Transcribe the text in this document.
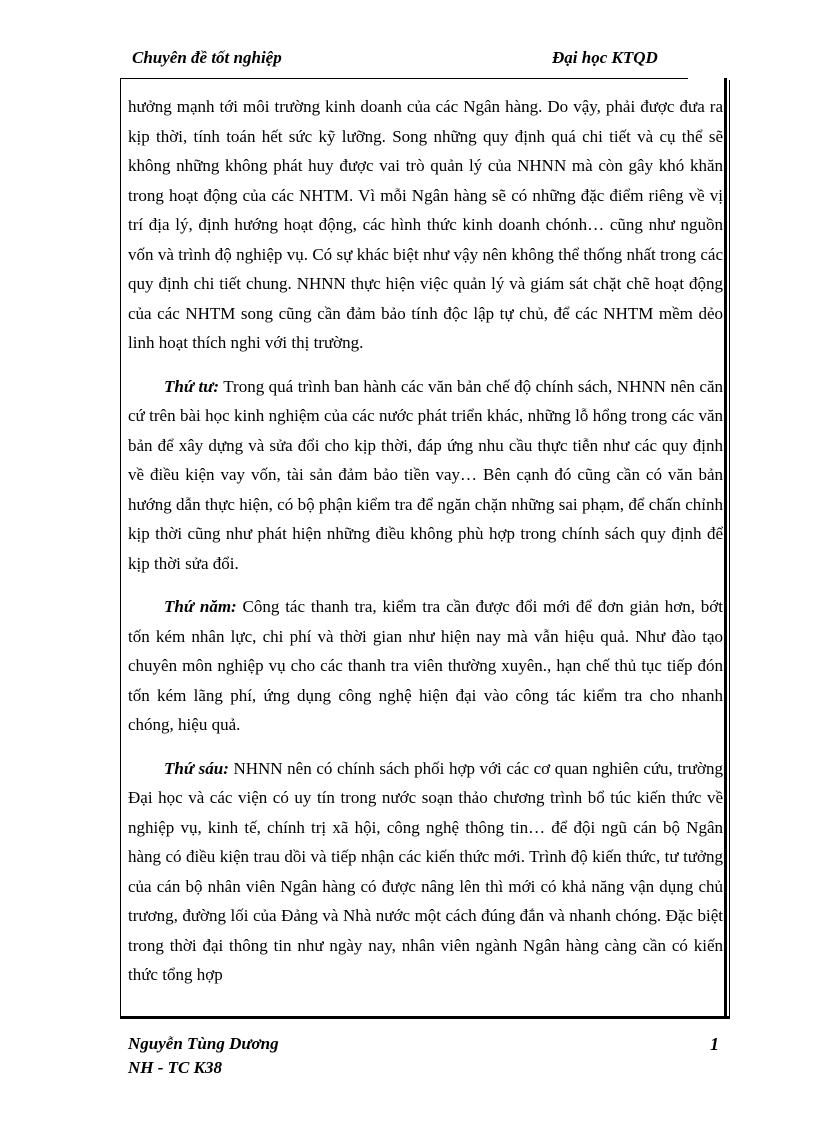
Chuyên đề tốt nghiệp	Đại học KTQD

hưởng mạnh tới môi trường kinh doanh của các Ngân hàng. Do vậy, phải được đưa ra kịp thời, tính toán hết sức kỹ lưỡng. Song những quy định quá chi tiết và cụ thể sẽ không những không phát huy được vai trò quản lý của NHNN mà còn gây khó khăn trong hoạt động của các NHTM. Vì mỗi Ngân hàng sẽ có những đặc điểm riêng về vị trí địa lý, định hướng hoạt động, các hình thức kinh doanh chónh… cũng như nguồn vốn và trình độ nghiệp vụ. Có sự khác biệt như vậy nên không thể thống nhất trong các quy định chi tiết chung. NHNN thực hiện việc quản lý và giám sát chặt chẽ hoạt động của các NHTM song cũng cần đảm bảo tính độc lập tự chủ, để các NHTM mềm dẻo linh hoạt thích nghi với thị trường.

Thứ tư: Trong quá trình ban hành các văn bản chế độ chính sách, NHNN nên căn cứ trên bài học kinh nghiệm của các nước phát triển khác, những lỗ hổng trong các văn bản để xây dựng và sửa đổi cho kịp thời, đáp ứng nhu cầu thực tiễn như các quy định về điều kiện vay vốn, tài sản đảm bảo tiền vay… Bên cạnh đó cũng cần có văn bản hướng dẫn thực hiện, có bộ phận kiểm tra để ngăn chặn những sai phạm, để chấn chỉnh kịp thời cũng như phát hiện những điều không phù hợp trong chính sách quy định để kịp thời sửa đổi.

Thứ năm: Công tác thanh tra, kiểm tra cần được đổi mới để đơn giản hơn, bớt tốn kém nhân lực, chi phí và thời gian như hiện nay mà vẫn hiệu quả. Như đào tạo chuyên môn nghiệp vụ cho các thanh tra viên thường xuyên., hạn chế thủ tục tiếp đón tốn kém lãng phí, ứng dụng công nghệ hiện đại vào công tác kiểm tra cho nhanh chóng, hiệu quả.

Thứ sáu: NHNN nên có chính sách phối hợp với các cơ quan nghiên cứu, trường Đại học và các viện có uy tín trong nước soạn thảo chương trình bổ túc kiến thức về nghiệp vụ, kinh tế, chính trị xã hội, công nghệ thông tin… để đội ngũ cán bộ Ngân hàng có điều kiện trau dồi và tiếp nhận các kiến thức mới. Trình độ kiến thức, tư tưởng của cán bộ nhân viên Ngân hàng có được nâng lên thì mới có khả năng vận dụng chủ trương, đường lối của Đảng và Nhà nước một cách đúng đắn và nhanh chóng. Đặc biệt trong thời đại thông tin như ngày nay, nhân viên ngành Ngân hàng càng cần có kiến thức tổng hợp

Nguyễn Tùng Dương
NH - TC K38
1
